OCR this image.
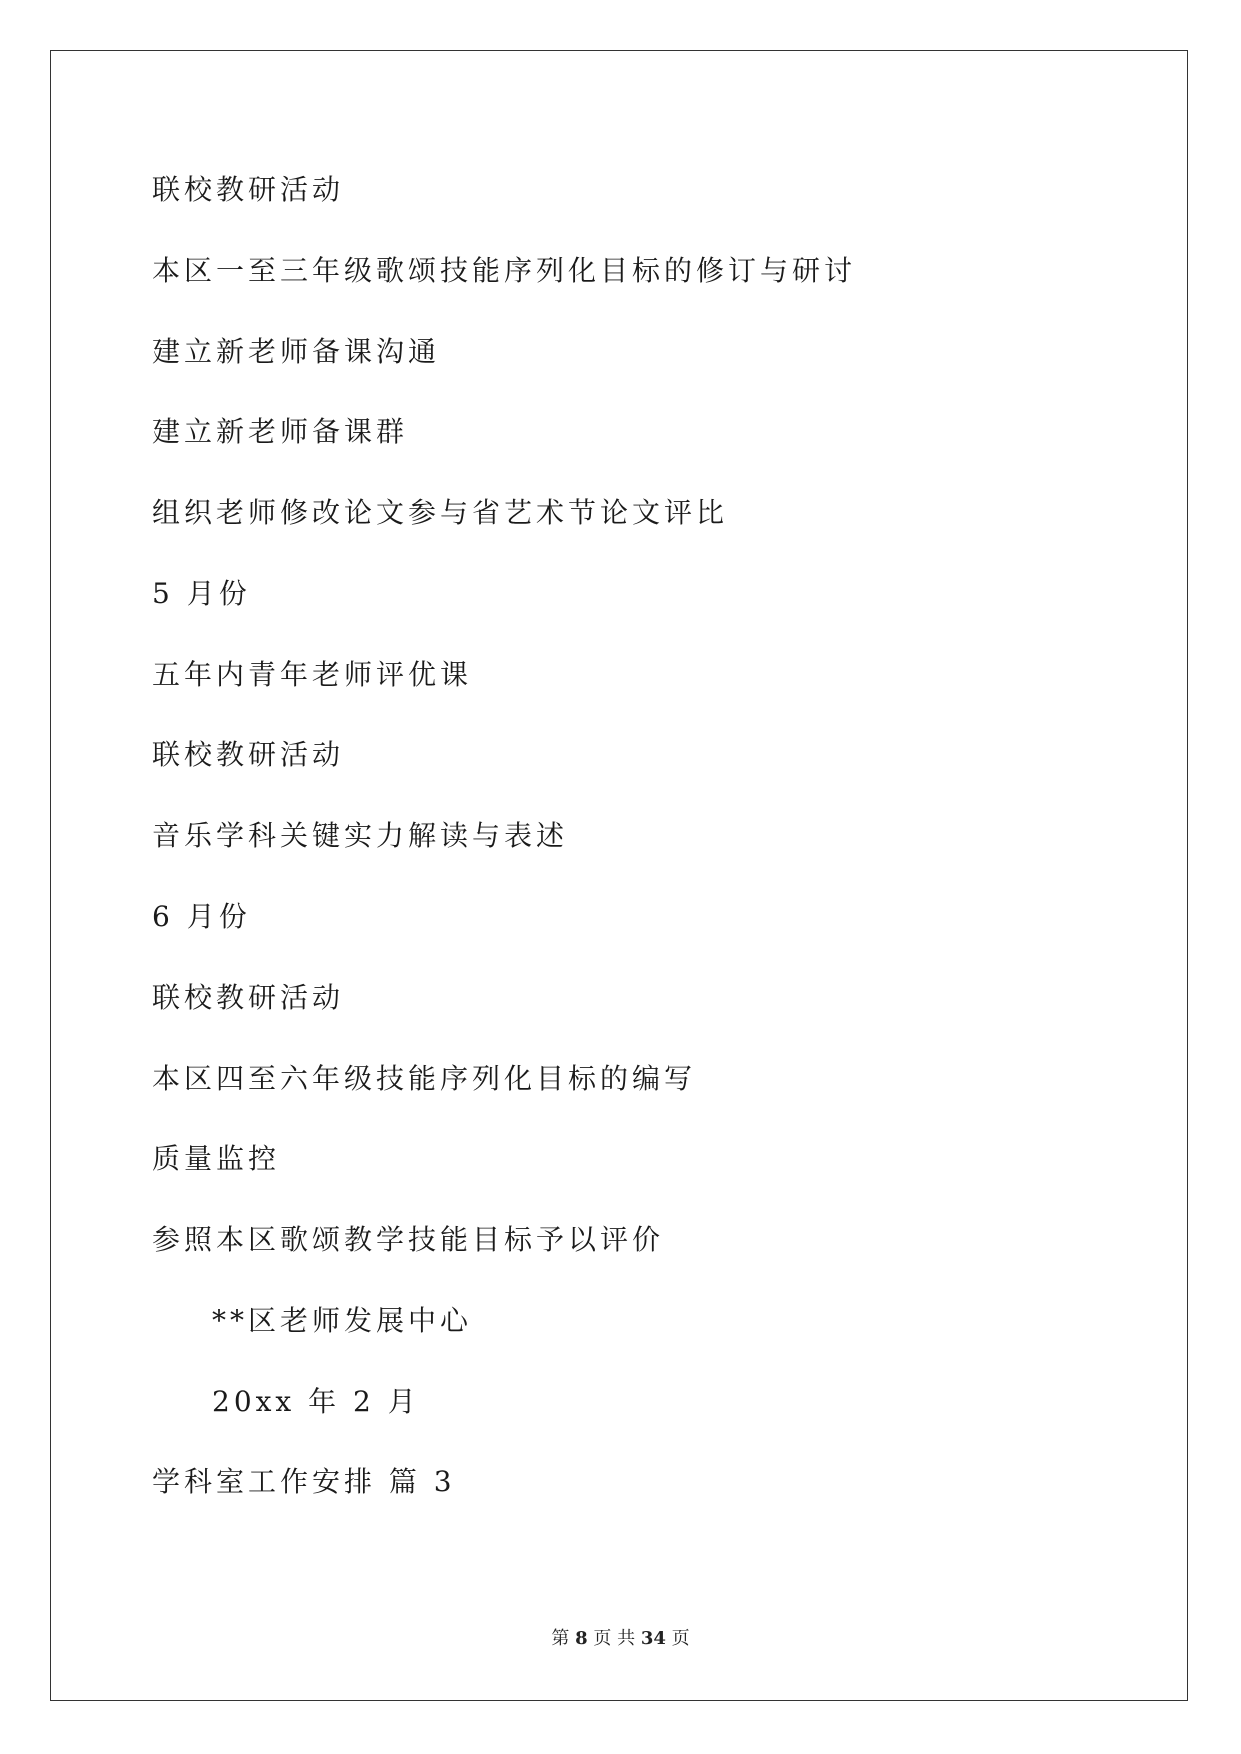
联校教研活动
本区一至三年级歌颂技能序列化目标的修订与研讨
建立新老师备课沟通
建立新老师备课群
组织老师修改论文参与省艺术节论文评比
5 月份
五年内青年老师评优课
联校教研活动
音乐学科关键实力解读与表述
6 月份
联校教研活动
本区四至六年级技能序列化目标的编写
质量监控
参照本区歌颂教学技能目标予以评价
**区老师发展中心
20xx 年 2 月
学科室工作安排 篇 3
第 8 页 共 34 页
